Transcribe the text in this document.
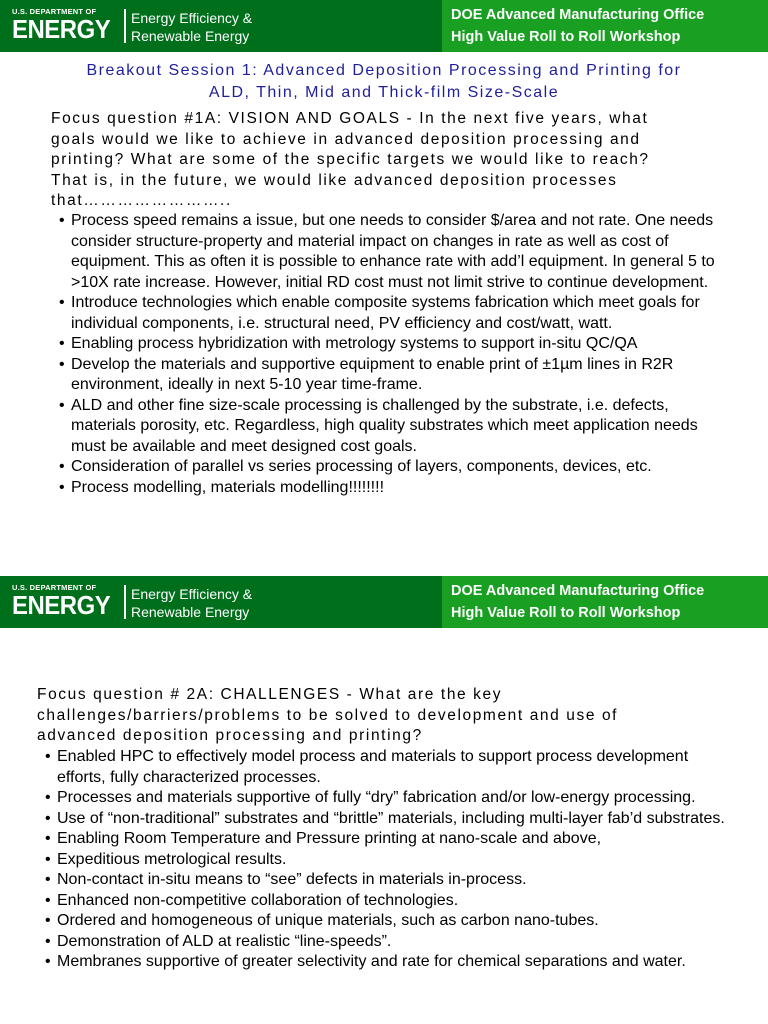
U.S. DEPARTMENT OF
ENERGY Energy Efficiency &
Renewable Energy
DOE Advanced Manufacturing Office
High Value Roll to Roll Workshop
Breakout Session 1: Advanced Deposition Processing and Printing for
ALD, Thin, Mid and Thick-film Size-Scale

Focus question #1A: VISION AND GOALS - In the next five years, what
goals would we like to achieve in advanced deposition processing and
printing? What are some of the specific targets we would like to reach?
That is, in the future, we would like advanced deposition processes
that……………………..

• Process speed remains a issue, but one needs to consider $/area and not rate. One needs consider structure-property and material impact on changes in rate as well as cost of equipment. This as often it is possible to enhance rate with add’l equipment. In general 5 to >10X rate increase. However, initial RD cost must not limit strive to continue development.
• Introduce technologies which enable composite systems fabrication which meet goals for individual components, i.e. structural need, PV efficiency and cost/watt, watt.
• Enabling process hybridization with metrology systems to support in-situ QC/QA
• Develop the materials and supportive equipment to enable print of ±1µm lines in R2R environment, ideally in next 5-10 year time-frame.
• ALD and other fine size-scale processing is challenged by the substrate, i.e. defects, materials porosity, etc. Regardless, high quality substrates which meet application needs must be available and meet designed cost goals.
• Consideration of parallel vs series processing of layers, components, devices, etc.
• Process modelling, materials modelling!!!!!!!!
U.S. DEPARTMENT OF
ENERGY Energy Efficiency &
Renewable Energy
DOE Advanced Manufacturing Office
High Value Roll to Roll Workshop

Focus question # 2A: CHALLENGES - What are the key
challenges/barriers/problems to be solved to development and use of
advanced deposition processing and printing?

• Enabled HPC to effectively model process and materials to support process development efforts, fully characterized processes.
• Processes and materials supportive of fully “dry” fabrication and/or low-energy processing.
• Use of “non-traditional” substrates and “brittle” materials, including multi-layer fab’d substrates.
• Enabling Room Temperature and Pressure printing at nano-scale and above,
• Expeditious metrological results.
• Non-contact in-situ means to “see” defects in materials in-process.
• Enhanced non-competitive collaboration of technologies.
• Ordered and homogeneous of unique materials, such as carbon nano-tubes.
• Demonstration of ALD at realistic “line-speeds”.
• Membranes supportive of greater selectivity and rate for chemical separations and water.
